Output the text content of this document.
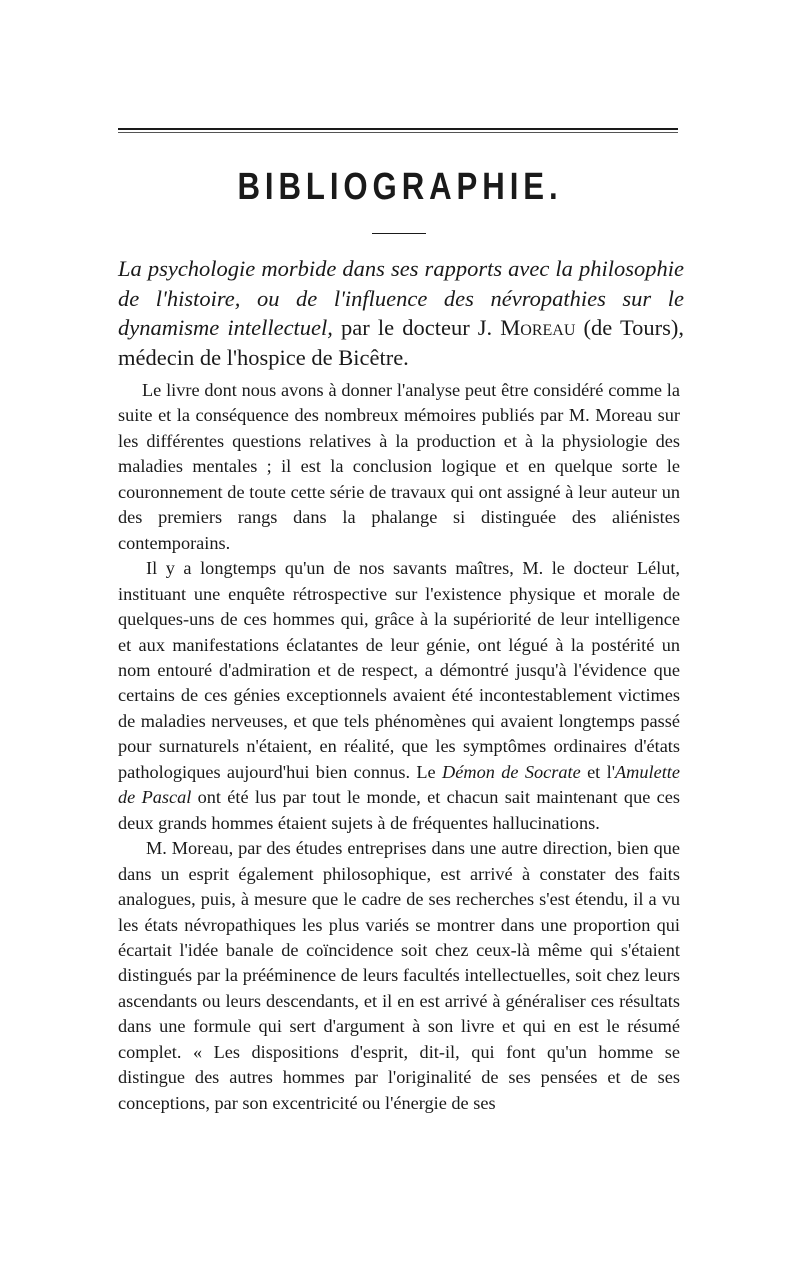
BIBLIOGRAPHIE.

La psychologie morbide dans ses rapports avec la philosophie de l'histoire, ou de l'influence des névropathies sur le dynamisme intellectuel, par le docteur J. Moreau (de Tours), médecin de l'hospice de Bicêtre.

Le livre dont nous avons à donner l'analyse peut être considéré comme la suite et la conséquence des nombreux mémoires publiés par M. Moreau sur les différentes questions relatives à la production et à la physiologie des maladies mentales ; il est la conclusion logique et en quelque sorte le couronnement de toute cette série de travaux qui ont assigné à leur auteur un des premiers rangs dans la phalange si distinguée des aliénistes contemporains.

Il y a longtemps qu'un de nos savants maîtres, M. le docteur Lélut, instituant une enquête rétrospective sur l'existence physique et morale de quelques-uns de ces hommes qui, grâce à la supériorité de leur intelligence et aux manifestations éclatantes de leur génie, ont légué à la postérité un nom entouré d'admiration et de respect, a démontré jusqu'à l'évidence que certains de ces génies exceptionnels avaient été incontestablement victimes de maladies nerveuses, et que tels phénomènes qui avaient longtemps passé pour surnaturels n'étaient, en réalité, que les symptômes ordinaires d'états pathologiques aujourd'hui bien connus. Le Démon de Socrate et l'Amulette de Pascal ont été lus par tout le monde, et chacun sait maintenant que ces deux grands hommes étaient sujets à de fréquentes hallucinations.

M. Moreau, par des études entreprises dans une autre direction, bien que dans un esprit également philosophique, est arrivé à constater des faits analogues, puis, à mesure que le cadre de ses recherches s'est étendu, il a vu les états névropathiques les plus variés se montrer dans une proportion qui écartait l'idée banale de coïncidence soit chez ceux-là même qui s'étaient distingués par la prééminence de leurs facultés intellectuelles, soit chez leurs ascendants ou leurs descendants, et il en est arrivé à généraliser ces résultats dans une formule qui sert d'argument à son livre et qui en est le résumé complet. « Les dispositions d'esprit, dit-il, qui font qu'un homme se distingue des autres hommes par l'originalité de ses pensées et de ses conceptions, par son excentricité ou l'énergie de ses
